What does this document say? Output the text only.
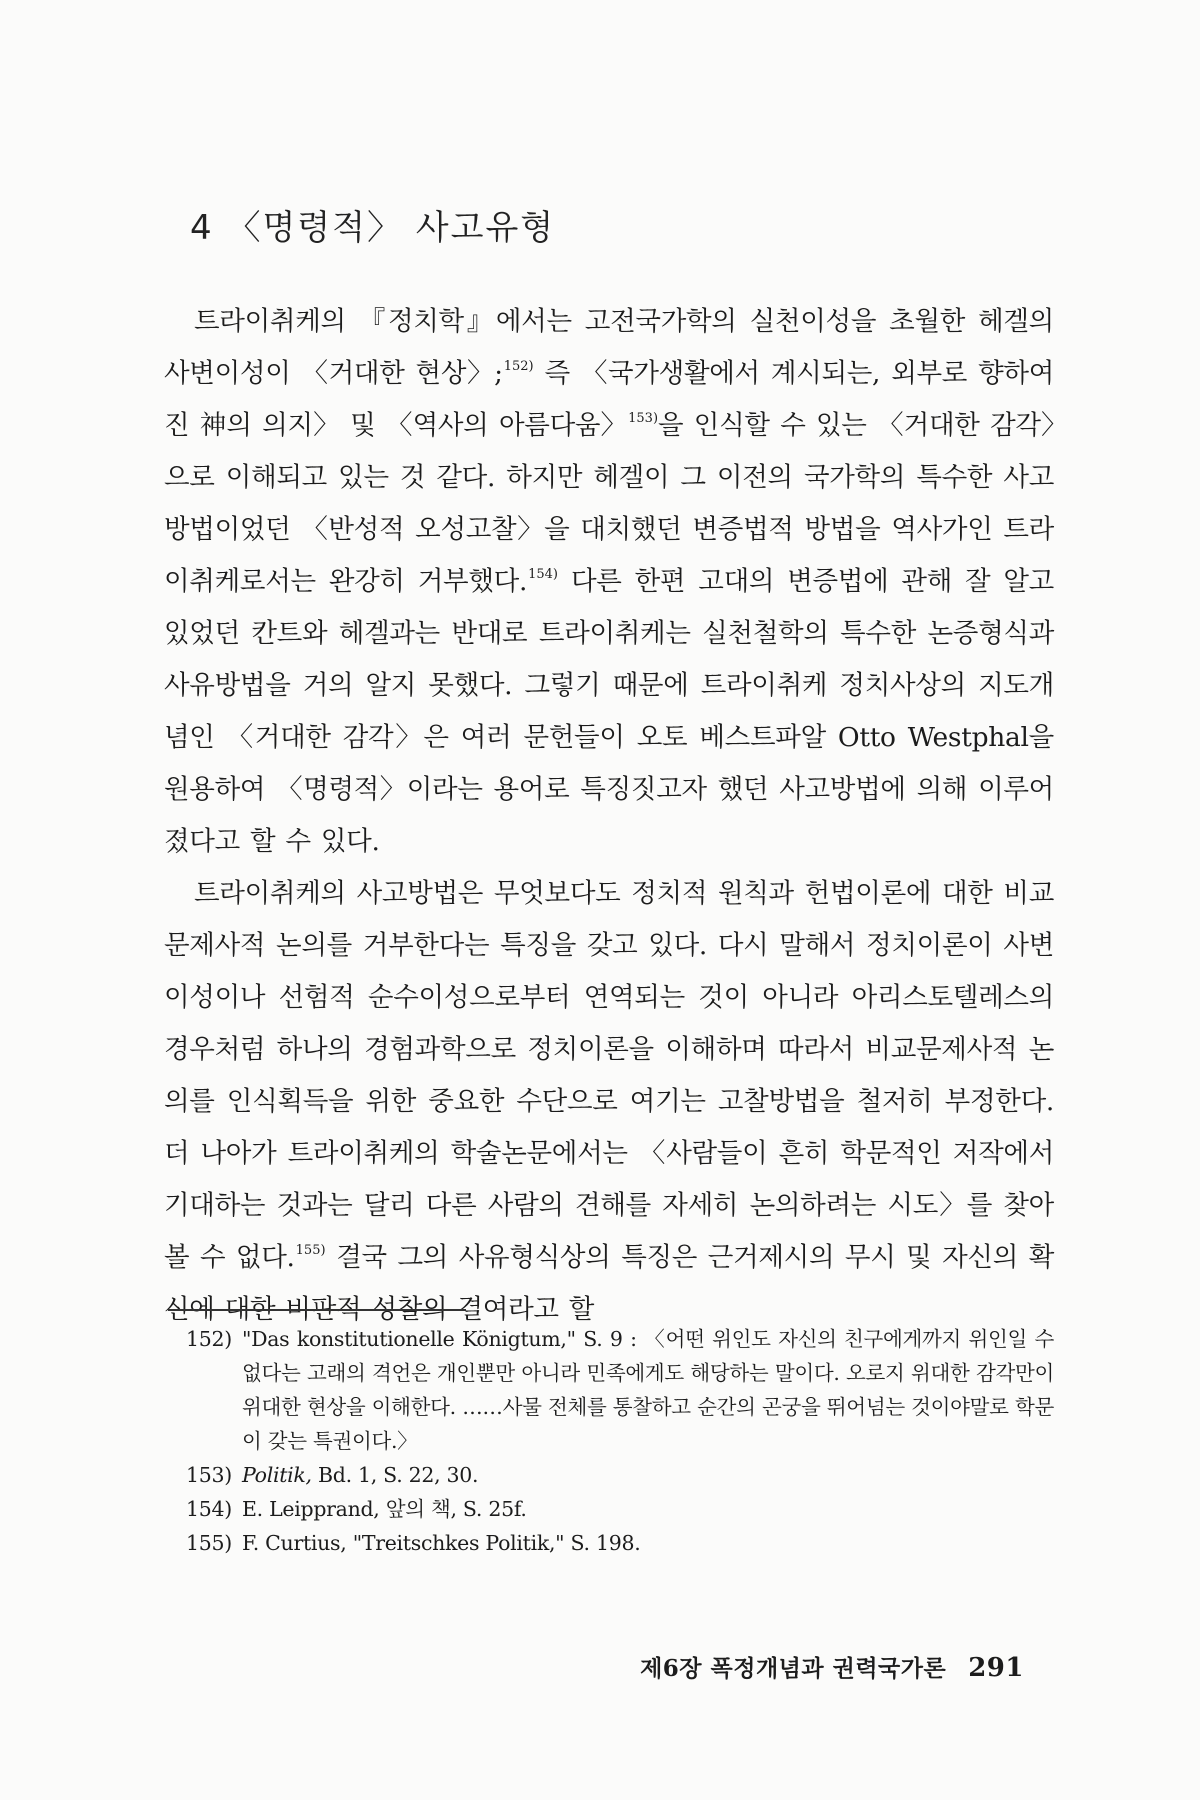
4 〈명령적〉 사고유형

트라이취케의 『정치학』에서는 고전국가학의 실천이성을 초월한 헤겔의 사변이성이 〈거대한 현상〉;$^{152)}$ 즉 〈국가생활에서 계시되는, 외부로 향하여 진 神의 의지〉 및 〈역사의 아름다움〉$^{153)}$을 인식할 수 있는 〈거대한 감각〉으로 이해되고 있는 것 같다. 하지만 헤겔이 그 이전의 국가학의 특수한 사고방법이었던 〈반성적 오성고찰〉을 대치했던 변증법적 방법을 역사가인 트라이취케로서는 완강히 거부했다.$^{154)}$ 다른 한편 고대의 변증법에 관해 잘 알고 있었던 칸트와 헤겔과는 반대로 트라이취케는 실천철학의 특수한 논증형식과 사유방법을 거의 알지 못했다. 그렇기 때문에 트라이취케 정치사상의 지도개념인 〈거대한 감각〉은 여러 문헌들이 오토 베스트파알 Otto Westphal을 원용하여 〈명령적〉이라는 용어로 특징짓고자 했던 사고방법에 의해 이루어졌다고 할 수 있다.

트라이취케의 사고방법은 무엇보다도 정치적 원칙과 헌법이론에 대한 비교문제사적 논의를 거부한다는 특징을 갖고 있다. 다시 말해서 정치이론이 사변이성이나 선험적 순수이성으로부터 연역되는 것이 아니라 아리스토텔레스의 경우처럼 하나의 경험과학으로 정치이론을 이해하며 따라서 비교문제사적 논의를 인식획득을 위한 중요한 수단으로 여기는 고찰방법을 철저히 부정한다. 더 나아가 트라이취케의 학술논문에서는 〈사람들이 흔히 학문적인 저작에서 기대하는 것과는 달리 다른 사람의 견해를 자세히 논의하려는 시도〉를 찾아볼 수 없다.$^{155)}$ 결국 그의 사유형식상의 특징은 근거제시의 무시 및 자신의 확신에 대한 비판적 성찰의 결여라고 할

152) "Das konstitutionelle Königtum," S. 9 : 〈어떤 위인도 자신의 친구에게까지 위인일 수 없다는 고래의 격언은 개인뿐만 아니라 민족에게도 해당하는 말이다. 오로지 위대한 감각만이 위대한 현상을 이해한다. ……사물 전체를 통찰하고 순간의 곤궁을 뛰어넘는 것이야말로 학문이 갖는 특권이다.〉
153) Politik, Bd. 1, S. 22, 30.
154) E. Leipprand, 앞의 책, S. 25f.
155) F. Curtius, "Treitschkes Politik," S. 198.
제6장 폭정개념과 권력국가론 291
